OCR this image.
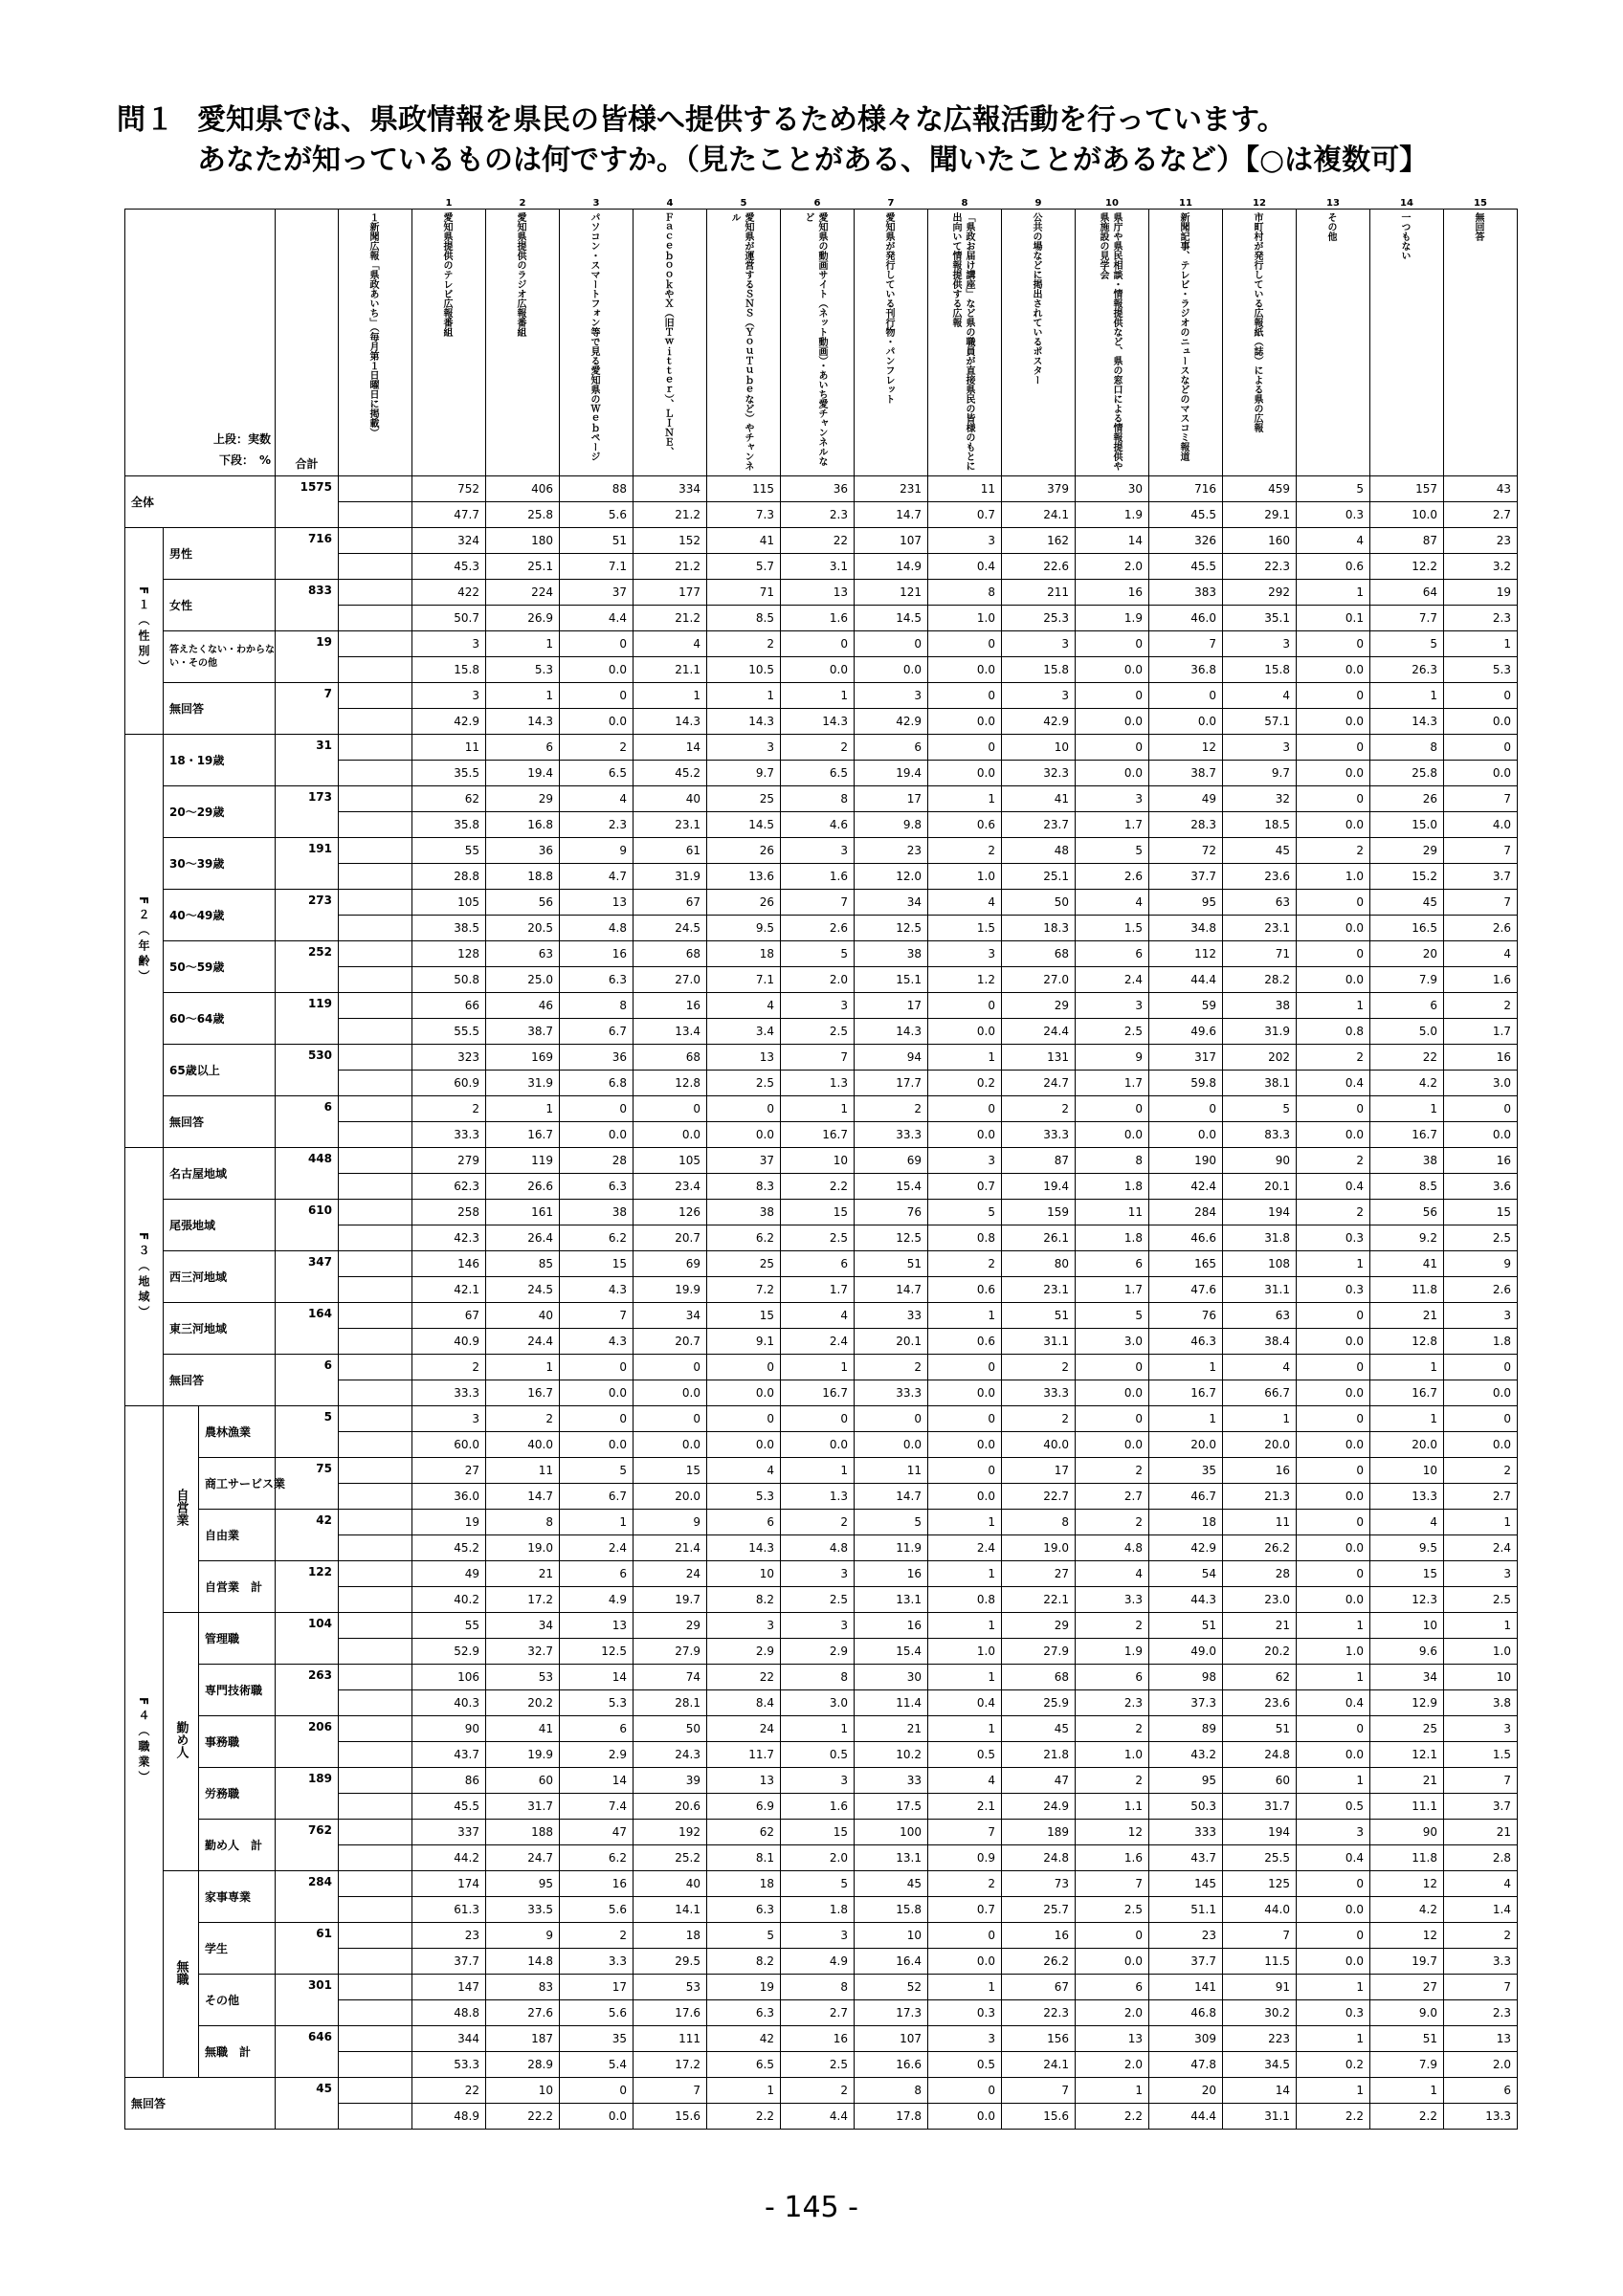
問１ 愛知県では、県政情報を県民の皆様へ提供するため様々な広報活動を行っています。
あなたが知っているものは何ですか。（見たことがある、聞いたことがあるなど）【○は複数可】
					1	2	3	4	5	6	7	8	9	10	11	12	13	14	15

上段：実数
下段：　%			合計	１新聞広報「県政あいち」（毎月第１日曜日に掲載）	愛知県提供のテレビ広報番組	愛知県提供のラジオ広報番組	パソコン・スマートフォン等で見る愛知県のＷｅｂページ	ＦａｃｅｂｏｏｋやＸ（旧Ｔｗｉｔｔｅｒ）、ＬＩＮＥ、	愛知県が運営するＳＮＳ（ＹｏｕＴｕｂｅなど）やチャンネル	愛知県の動画サイト（ネット動画）・あいち愛チャンネルなど	愛知県が発行している刊行物・パンフレット	「県政お届け講座」など県の職員が直接県民の皆様のもとに出向いて情報提供する広報	公共の場などに掲出されているポスター	県庁や県民相談・情報提供など、県の窓口による情報提供や県施設の見学会	新聞記事、テレビ・ラジオのニュースなどのマスコミ報道	市町村が発行している広報紙（誌）による県の広報	その他	一つもない	無回答

全体			1575		752	406	88	334	115	36	231	11	379	30	716	459	5	157	43
					47.7	25.8	5.6	21.2	7.3	2.3	14.7	0.7	24.1	1.9	45.5	29.1	0.3	10.0	2.7
F １ ︵ 性 別 ︶	男性		716		324	180	51	152	41	22	107	3	162	14	326	160	4	87	23
					45.3	25.1	7.1	21.2	5.7	3.1	14.9	0.4	22.6	2.0	45.5	22.3	0.6	12.2	3.2
	女性		833		422	224	37	177	71	13	121	8	211	16	383	292	1	64	19
					50.7	26.9	4.4	21.2	8.5	1.6	14.5	1.0	25.3	1.9	46.0	35.1	0.1	7.7	2.3
	答えたくない・わからない・その他		19		3	1	0	4	2	0	0	0	3	0	7	3	0	5	1
					15.8	5.3	0.0	21.1	10.5	0.0	0.0	0.0	15.8	0.0	36.8	15.8	0.0	26.3	5.3
	無回答		7		3	1	0	1	1	1	3	0	3	0	0	4	0	1	0
					42.9	14.3	0.0	14.3	14.3	14.3	42.9	0.0	42.9	0.0	0.0	57.1	0.0	14.3	0.0
F ２ ︵ 年 齢 ︶	18・19歳		31		11	6	2	14	3	2	6	0	10	0	12	3	0	8	0
					35.5	19.4	6.5	45.2	9.7	6.5	19.4	0.0	32.3	0.0	38.7	9.7	0.0	25.8	0.0
	20～29歳		173		62	29	4	40	25	8	17	1	41	3	49	32	0	26	7
					35.8	16.8	2.3	23.1	14.5	4.6	9.8	0.6	23.7	1.7	28.3	18.5	0.0	15.0	4.0
	30～39歳		191		55	36	9	61	26	3	23	2	48	5	72	45	2	29	7
					28.8	18.8	4.7	31.9	13.6	1.6	12.0	1.0	25.1	2.6	37.7	23.6	1.0	15.2	3.7
	40～49歳		273		105	56	13	67	26	7	34	4	50	4	95	63	0	45	7
					38.5	20.5	4.8	24.5	9.5	2.6	12.5	1.5	18.3	1.5	34.8	23.1	0.0	16.5	2.6
	50～59歳		252		128	63	16	68	18	5	38	3	68	6	112	71	0	20	4
					50.8	25.0	6.3	27.0	7.1	2.0	15.1	1.2	27.0	2.4	44.4	28.2	0.0	7.9	1.6
	60～64歳		119		66	46	8	16	4	3	17	0	29	3	59	38	1	6	2
					55.5	38.7	6.7	13.4	3.4	2.5	14.3	0.0	24.4	2.5	49.6	31.9	0.8	5.0	1.7
	65歳以上		530		323	169	36	68	13	7	94	1	131	9	317	202	2	22	16
					60.9	31.9	6.8	12.8	2.5	1.3	17.7	0.2	24.7	1.7	59.8	38.1	0.4	4.2	3.0
	無回答		6		2	1	0	0	0	1	2	0	2	0	0	5	0	1	0
					33.3	16.7	0.0	0.0	0.0	16.7	33.3	0.0	33.3	0.0	0.0	83.3	0.0	16.7	0.0
F ３ ︵ 地 域 ︶	名古屋地域		448		279	119	28	105	37	10	69	3	87	8	190	90	2	38	16
					62.3	26.6	6.3	23.4	8.3	2.2	15.4	0.7	19.4	1.8	42.4	20.1	0.4	8.5	3.6
	尾張地域		610		258	161	38	126	38	15	76	5	159	11	284	194	2	56	15
					42.3	26.4	6.2	20.7	6.2	2.5	12.5	0.8	26.1	1.8	46.6	31.8	0.3	9.2	2.5
	西三河地域		347		146	85	15	69	25	6	51	2	80	6	165	108	1	41	9
					42.1	24.5	4.3	19.9	7.2	1.7	14.7	0.6	23.1	1.7	47.6	31.1	0.3	11.8	2.6
	東三河地域		164		67	40	7	34	15	4	33	1	51	5	76	63	0	21	3
					40.9	24.4	4.3	20.7	9.1	2.4	20.1	0.6	31.1	3.0	46.3	38.4	0.0	12.8	1.8
	無回答		6		2	1	0	0	0	1	2	0	2	0	1	4	0	1	0
					33.3	16.7	0.0	0.0	0.0	16.7	33.3	0.0	33.3	0.0	16.7	66.7	0.0	16.7	0.0
F ４ ︵ 職 業 ︶	自営業	農林漁業	5		3	2	0	0	0	0	0	0	2	0	1	1	0	1	0
					60.0	40.0	0.0	0.0	0.0	0.0	0.0	0.0	40.0	0.0	20.0	20.0	0.0	20.0	0.0
		商工サービス業	75		27	11	5	15	4	1	11	0	17	2	35	16	0	10	2
					36.0	14.7	6.7	20.0	5.3	1.3	14.7	0.0	22.7	2.7	46.7	21.3	0.0	13.3	2.7
		自由業	42		19	8	1	9	6	2	5	1	8	2	18	11	0	4	1
					45.2	19.0	2.4	21.4	14.3	4.8	11.9	2.4	19.0	4.8	42.9	26.2	0.0	9.5	2.4
		自営業　計	122		49	21	6	24	10	3	16	1	27	4	54	28	0	15	3
					40.2	17.2	4.9	19.7	8.2	2.5	13.1	0.8	22.1	3.3	44.3	23.0	0.0	12.3	2.5
	勤め人	管理職	104		55	34	13	29	3	3	16	1	29	2	51	21	1	10	1
					52.9	32.7	12.5	27.9	2.9	2.9	15.4	1.0	27.9	1.9	49.0	20.2	1.0	9.6	1.0
		専門技術職	263		106	53	14	74	22	8	30	1	68	6	98	62	1	34	10
					40.3	20.2	5.3	28.1	8.4	3.0	11.4	0.4	25.9	2.3	37.3	23.6	0.4	12.9	3.8
		事務職	206		90	41	6	50	24	1	21	1	45	2	89	51	0	25	3
					43.7	19.9	2.9	24.3	11.7	0.5	10.2	0.5	21.8	1.0	43.2	24.8	0.0	12.1	1.5
		労務職	189		86	60	14	39	13	3	33	4	47	2	95	60	1	21	7
					45.5	31.7	7.4	20.6	6.9	1.6	17.5	2.1	24.9	1.1	50.3	31.7	0.5	11.1	3.7
		勤め人　計	762		337	188	47	192	62	15	100	7	189	12	333	194	3	90	21
					44.2	24.7	6.2	25.2	8.1	2.0	13.1	0.9	24.8	1.6	43.7	25.5	0.4	11.8	2.8
	無職	家事専業	284		174	95	16	40	18	5	45	2	73	7	145	125	0	12	4
					61.3	33.5	5.6	14.1	6.3	1.8	15.8	0.7	25.7	2.5	51.1	44.0	0.0	4.2	1.4
		学生	61		23	9	2	18	5	3	10	0	16	0	23	7	0	12	2
					37.7	14.8	3.3	29.5	8.2	4.9	16.4	0.0	26.2	0.0	37.7	11.5	0.0	19.7	3.3
		その他	301		147	83	17	53	19	8	52	1	67	6	141	91	1	27	7
					48.8	27.6	5.6	17.6	6.3	2.7	17.3	0.3	22.3	2.0	46.8	30.2	0.3	9.0	2.3
		無職　計	646		344	187	35	111	42	16	107	3	156	13	309	223	1	51	13
					53.3	28.9	5.4	17.2	6.5	2.5	16.6	0.5	24.1	2.0	47.8	34.5	0.2	7.9	2.0
無回答			45		22	10	0	7	1	2	8	0	7	1	20	14	1	1	6
					48.9	22.2	0.0	15.6	2.2	4.4	17.8	0.0	15.6	2.2	44.4	31.1	2.2	2.2	13.3
- 145 -
